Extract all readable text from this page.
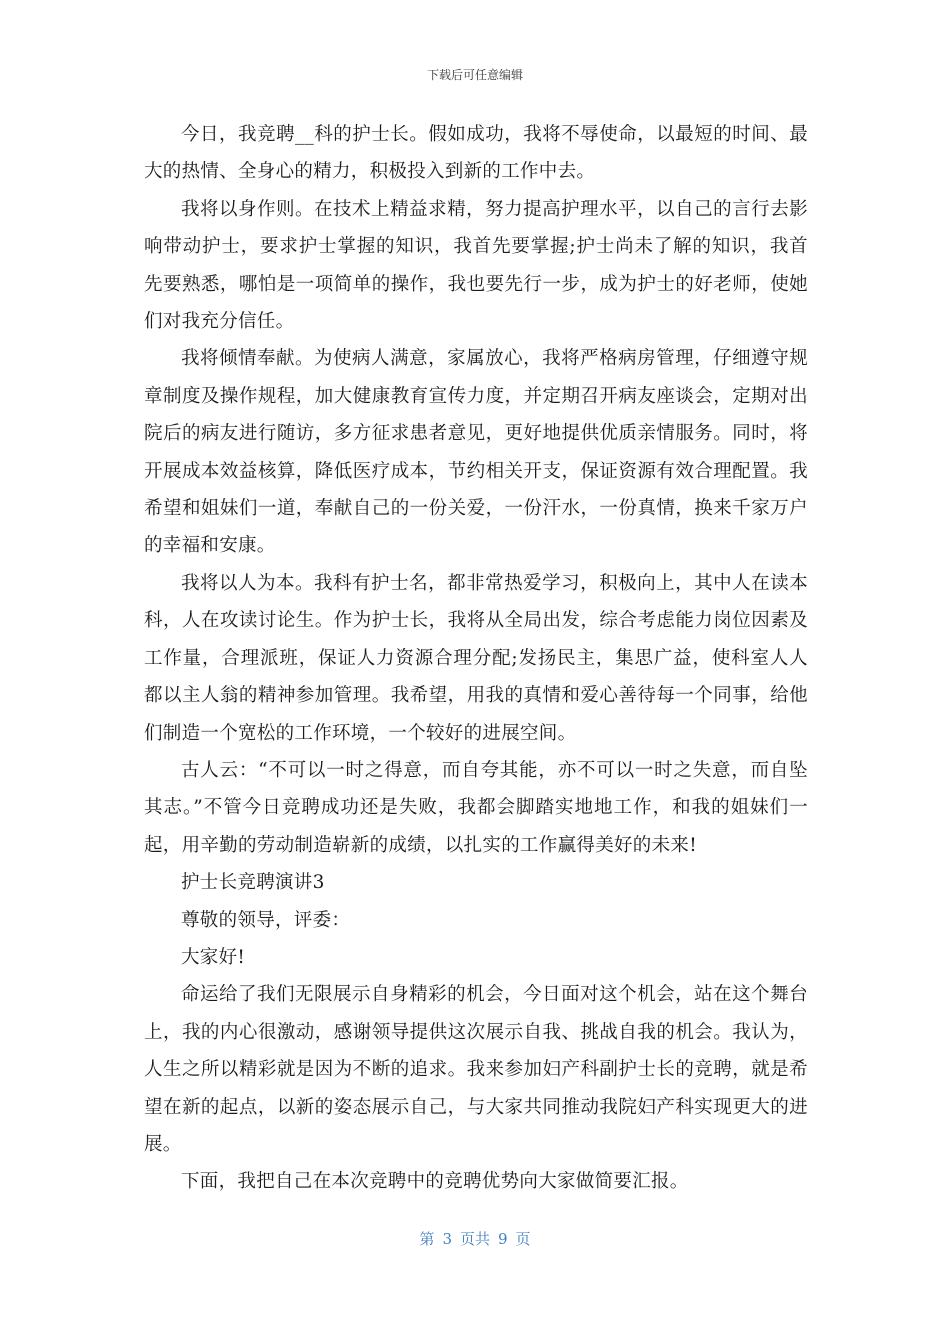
下载后可任意编辑

今日，我竞聘__科的护士长。假如成功，我将不辱使命，以最短的时间、最大的热情、全身心的精力，积极投入到新的工作中去。

我将以身作则。在技术上精益求精，努力提高护理水平，以自己的言行去影响带动护士，要求护士掌握的知识，我首先要掌握;护士尚未了解的知识，我首先要熟悉，哪怕是一项简单的操作，我也要先行一步，成为护士的好老师，使她们对我充分信任。

我将倾情奉献。为使病人满意，家属放心，我将严格病房管理，仔细遵守规章制度及操作规程，加大健康教育宣传力度，并定期召开病友座谈会，定期对出院后的病友进行随访，多方征求患者意见，更好地提供优质亲情服务。同时，将开展成本效益核算，降低医疗成本，节约相关开支，保证资源有效合理配置。我希望和姐妹们一道，奉献自己的一份关爱，一份汗水，一份真情，换来千家万户的幸福和安康。

我将以人为本。我科有护士名，都非常热爱学习，积极向上，其中人在读本科，人在攻读讨论生。作为护士长，我将从全局出发，综合考虑能力岗位因素及工作量，合理派班，保证人力资源合理分配;发扬民主，集思广益，使科室人人都以主人翁的精神参加管理。我希望，用我的真情和爱心善待每一个同事，给他们制造一个宽松的工作环境，一个较好的进展空间。

古人云：“不可以一时之得意，而自夸其能，亦不可以一时之失意，而自坠其志。”不管今日竞聘成功还是失败，我都会脚踏实地地工作，和我的姐妹们一起，用辛勤的劳动制造崭新的成绩，以扎实的工作赢得美好的未来!

护士长竞聘演讲3

尊敬的领导，评委：

大家好!

命运给了我们无限展示自身精彩的机会，今日面对这个机会，站在这个舞台上，我的内心很激动，感谢领导提供这次展示自我、挑战自我的机会。我认为，人生之所以精彩就是因为不断的追求。我来参加妇产科副护士长的竞聘，就是希望在新的起点，以新的姿态展示自己，与大家共同推动我院妇产科实现更大的进展。

下面，我把自己在本次竞聘中的竞聘优势向大家做简要汇报。

第 3 页共 9 页
